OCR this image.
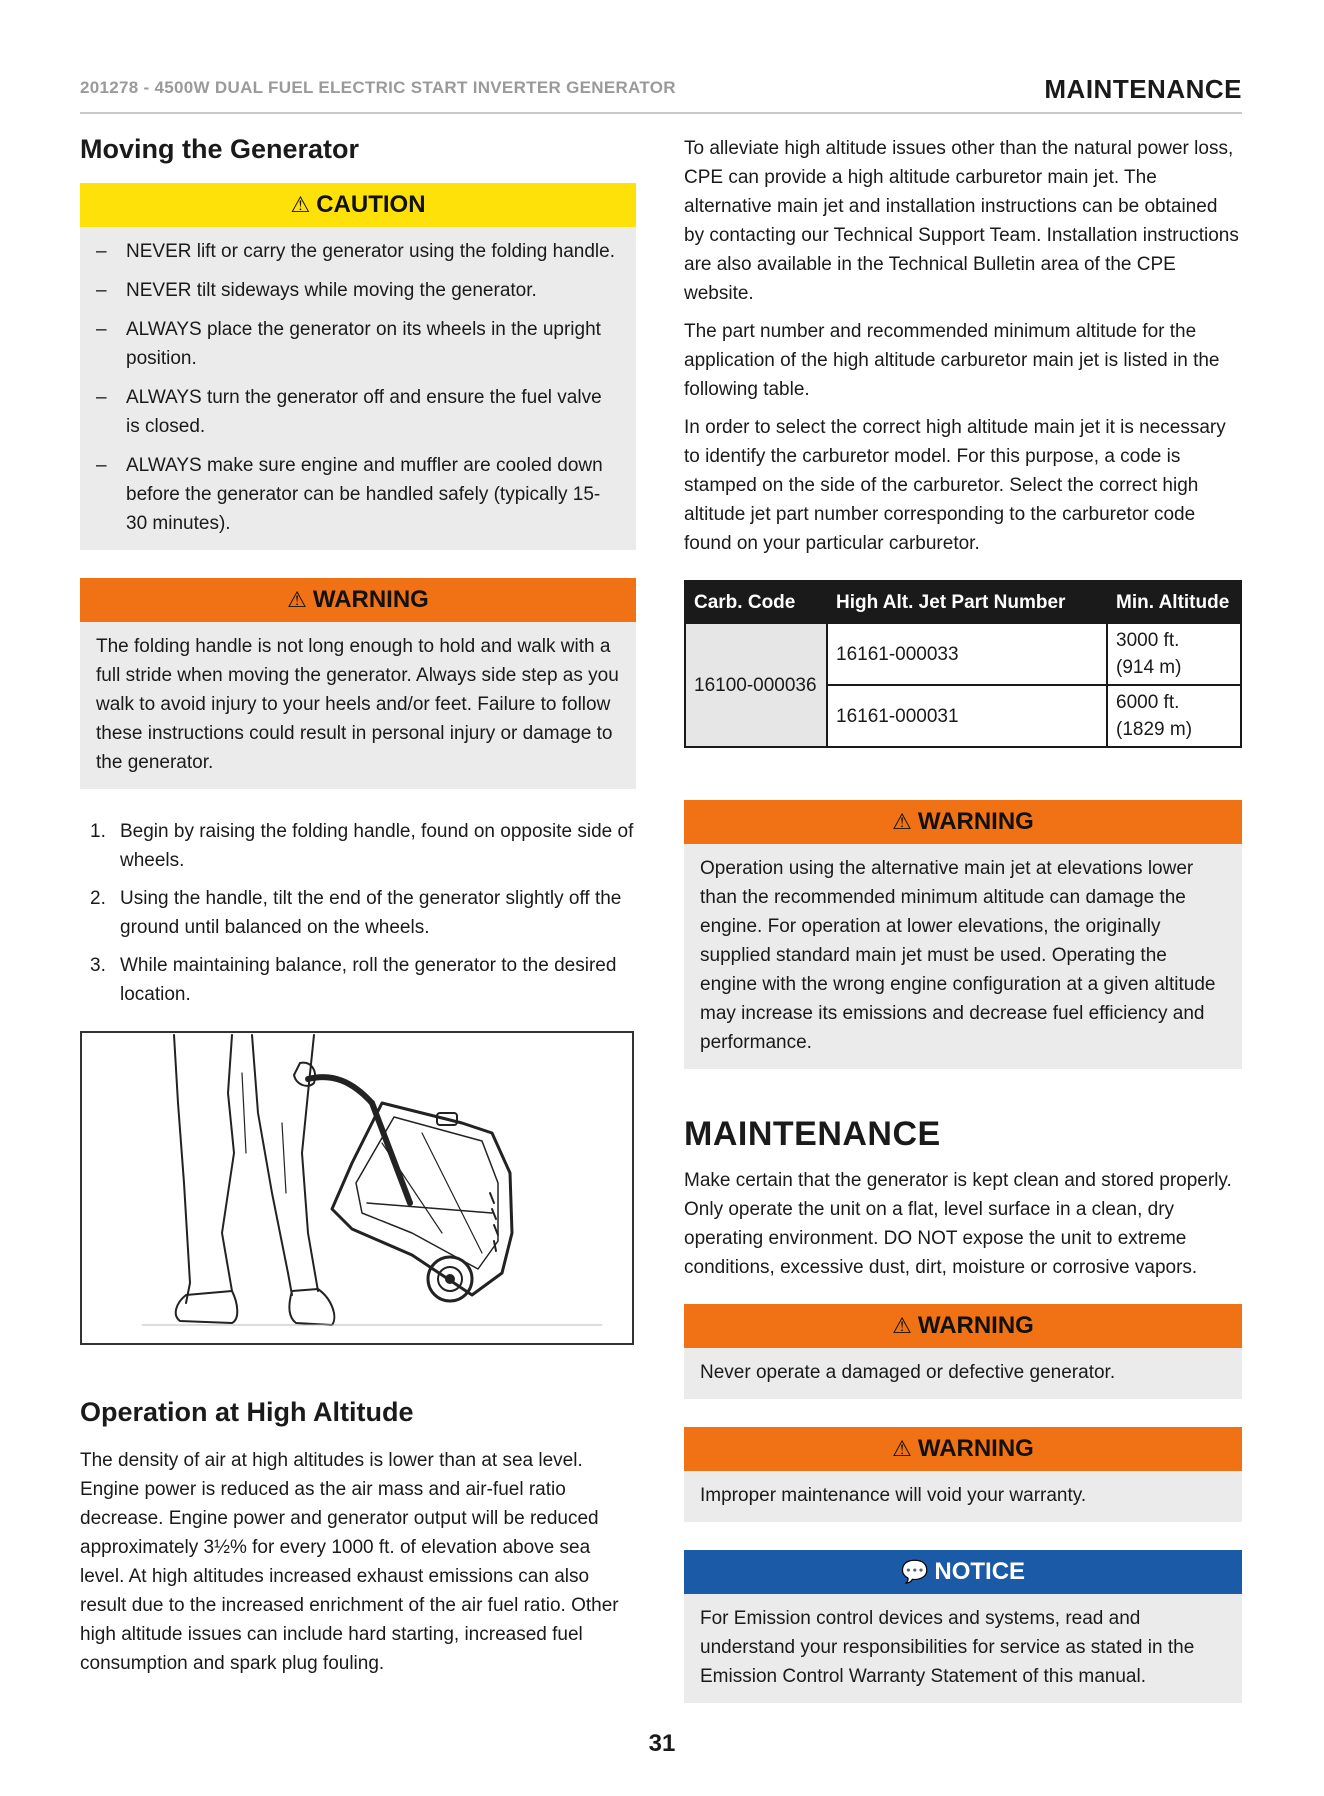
201278 - 4500W DUAL FUEL ELECTRIC START INVERTER GENERATOR	MAINTENANCE
Moving the Generator
⚠ CAUTION
– NEVER lift or carry the generator using the folding handle.
– NEVER tilt sideways while moving the generator.
– ALWAYS place the generator on its wheels in the upright position.
– ALWAYS turn the generator off and ensure the fuel valve is closed.
– ALWAYS make sure engine and muffler are cooled down before the generator can be handled safely (typically 15-30 minutes).
⚠ WARNING
The folding handle is not long enough to hold and walk with a full stride when moving the generator. Always side step as you walk to avoid injury to your heels and/or feet. Failure to follow these instructions could result in personal injury or damage to the generator.
1. Begin by raising the folding handle, found on opposite side of wheels.
2. Using the handle, tilt the end of the generator slightly off the ground until balanced on the wheels.
3. While maintaining balance, roll the generator to the desired location.
Operation at High Altitude

The density of air at high altitudes is lower than at sea level. Engine power is reduced as the air mass and air-fuel ratio decrease. Engine power and generator output will be reduced approximately 3½% for every 1000 ft. of elevation above sea level. At high altitudes increased exhaust emissions can also result due to the increased enrichment of the air fuel ratio. Other high altitude issues can include hard starting, increased fuel consumption and spark plug fouling.

To alleviate high altitude issues other than the natural power loss, CPE can provide a high altitude carburetor main jet. The alternative main jet and installation instructions can be obtained by contacting our Technical Support Team. Installation instructions are also available in the Technical Bulletin area of the CPE website.

The part number and recommended minimum altitude for the application of the high altitude carburetor main jet is listed in the following table.

In order to select the correct high altitude main jet it is necessary to identify the carburetor model. For this purpose, a code is stamped on the side of the carburetor. Select the correct high altitude jet part number corresponding to the carburetor code found on your particular carburetor.

Carb. Code	High Alt. Jet Part Number	Min. Altitude
16100-000036	16161-000033	3000 ft.
(914 m)
	16161-000031	6000 ft.
(1829 m)
⚠ WARNING
Operation using the alternative main jet at elevations lower than the recommended minimum altitude can damage the engine. For operation at lower elevations, the originally supplied standard main jet must be used. Operating the engine with the wrong engine configuration at a given altitude may increase its emissions and decrease fuel efficiency and performance.
MAINTENANCE

Make certain that the generator is kept clean and stored properly. Only operate the unit on a flat, level surface in a clean, dry operating environment. DO NOT expose the unit to extreme conditions, excessive dust, dirt, moisture or corrosive vapors.

⚠ WARNING
Never operate a damaged or defective generator.
⚠ WARNING
Improper maintenance will void your warranty.
💬 NOTICE
For Emission control devices and systems, read and understand your responsibilities for service as stated in the Emission Control Warranty Statement of this manual.
31
